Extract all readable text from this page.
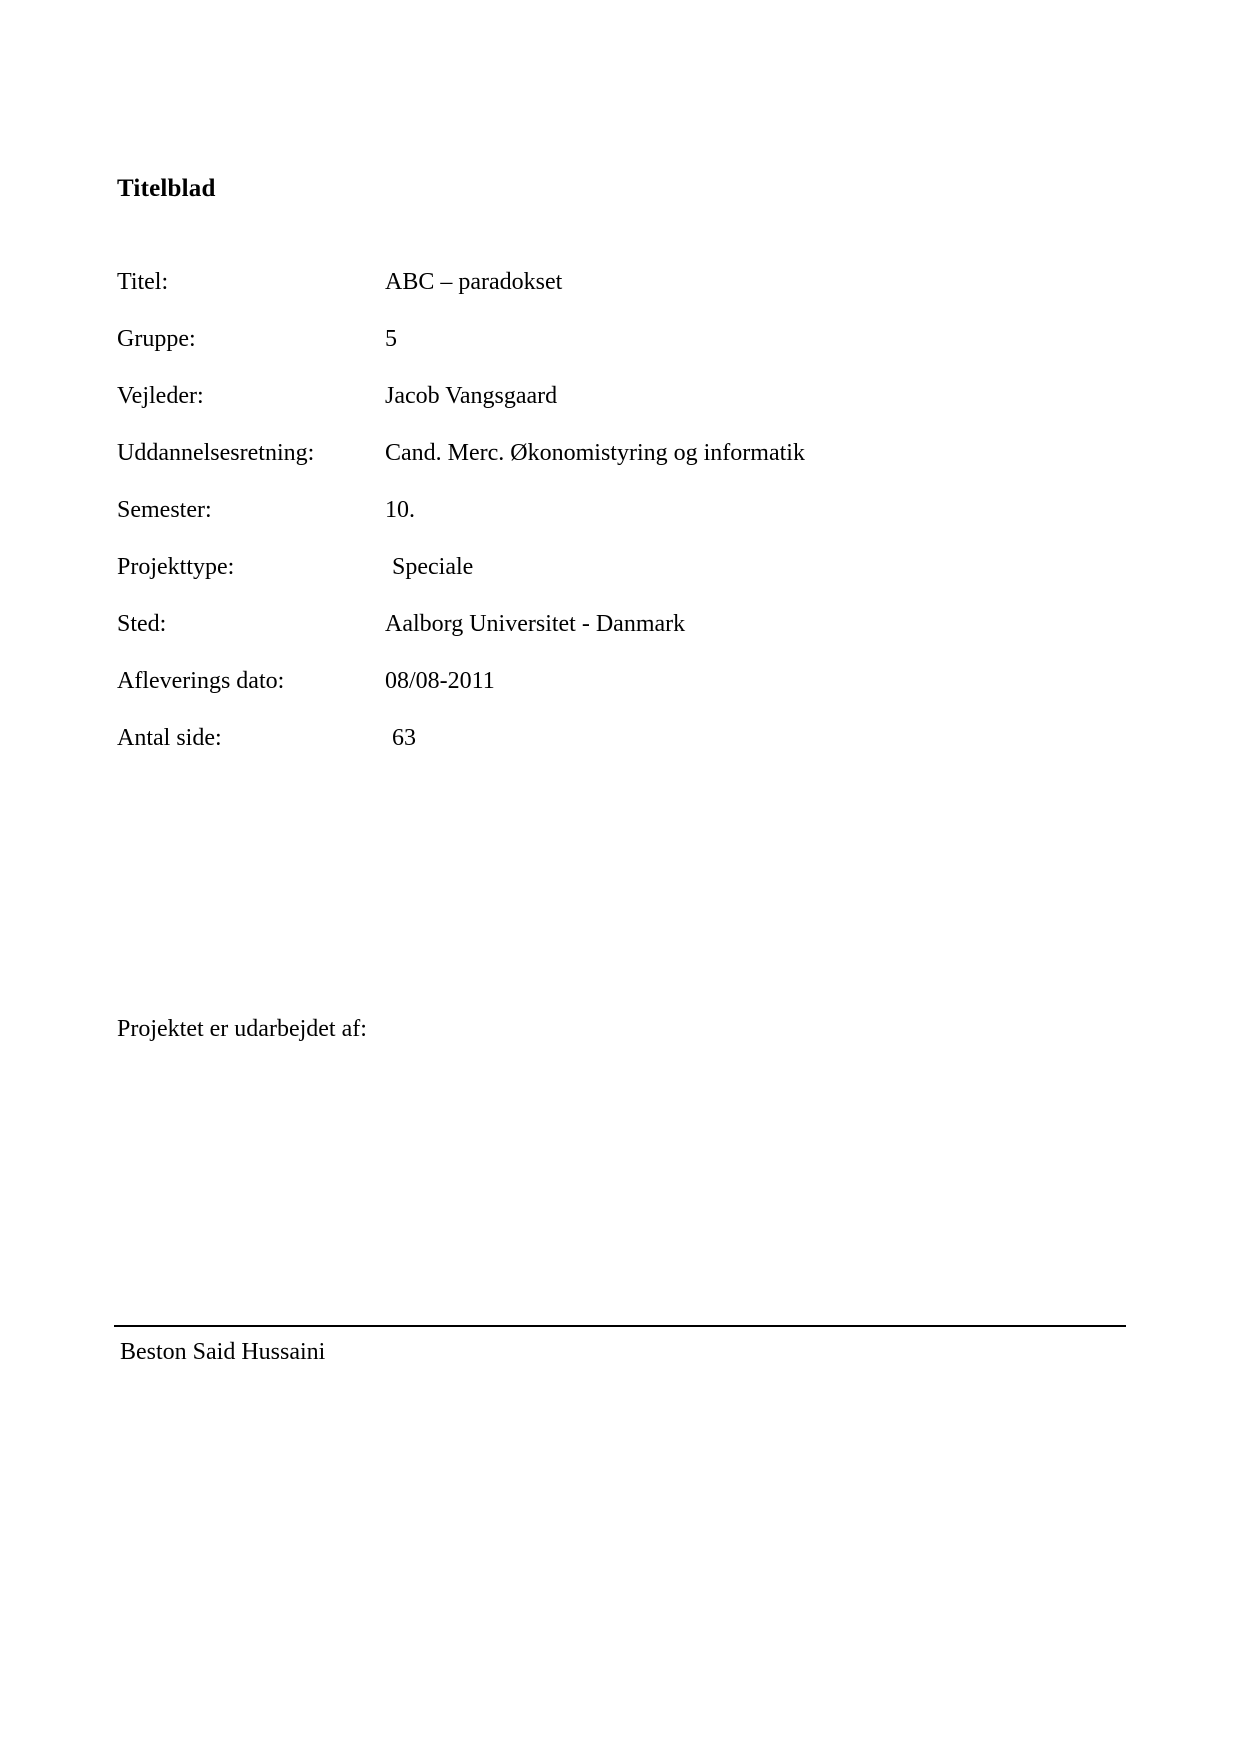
Titelblad
Titel:	ABC – paradokset
Gruppe:	5
Vejleder:	Jacob Vangsgaard
Uddannelsesretning:	Cand. Merc. Økonomistyring og informatik
Semester:	10.
Projekttype:	Speciale
Sted:	Aalborg Universitet - Danmark
Afleverings dato:	08/08-2011
Antal side:	63
Projektet er udarbejdet af:
Beston Said Hussaini
